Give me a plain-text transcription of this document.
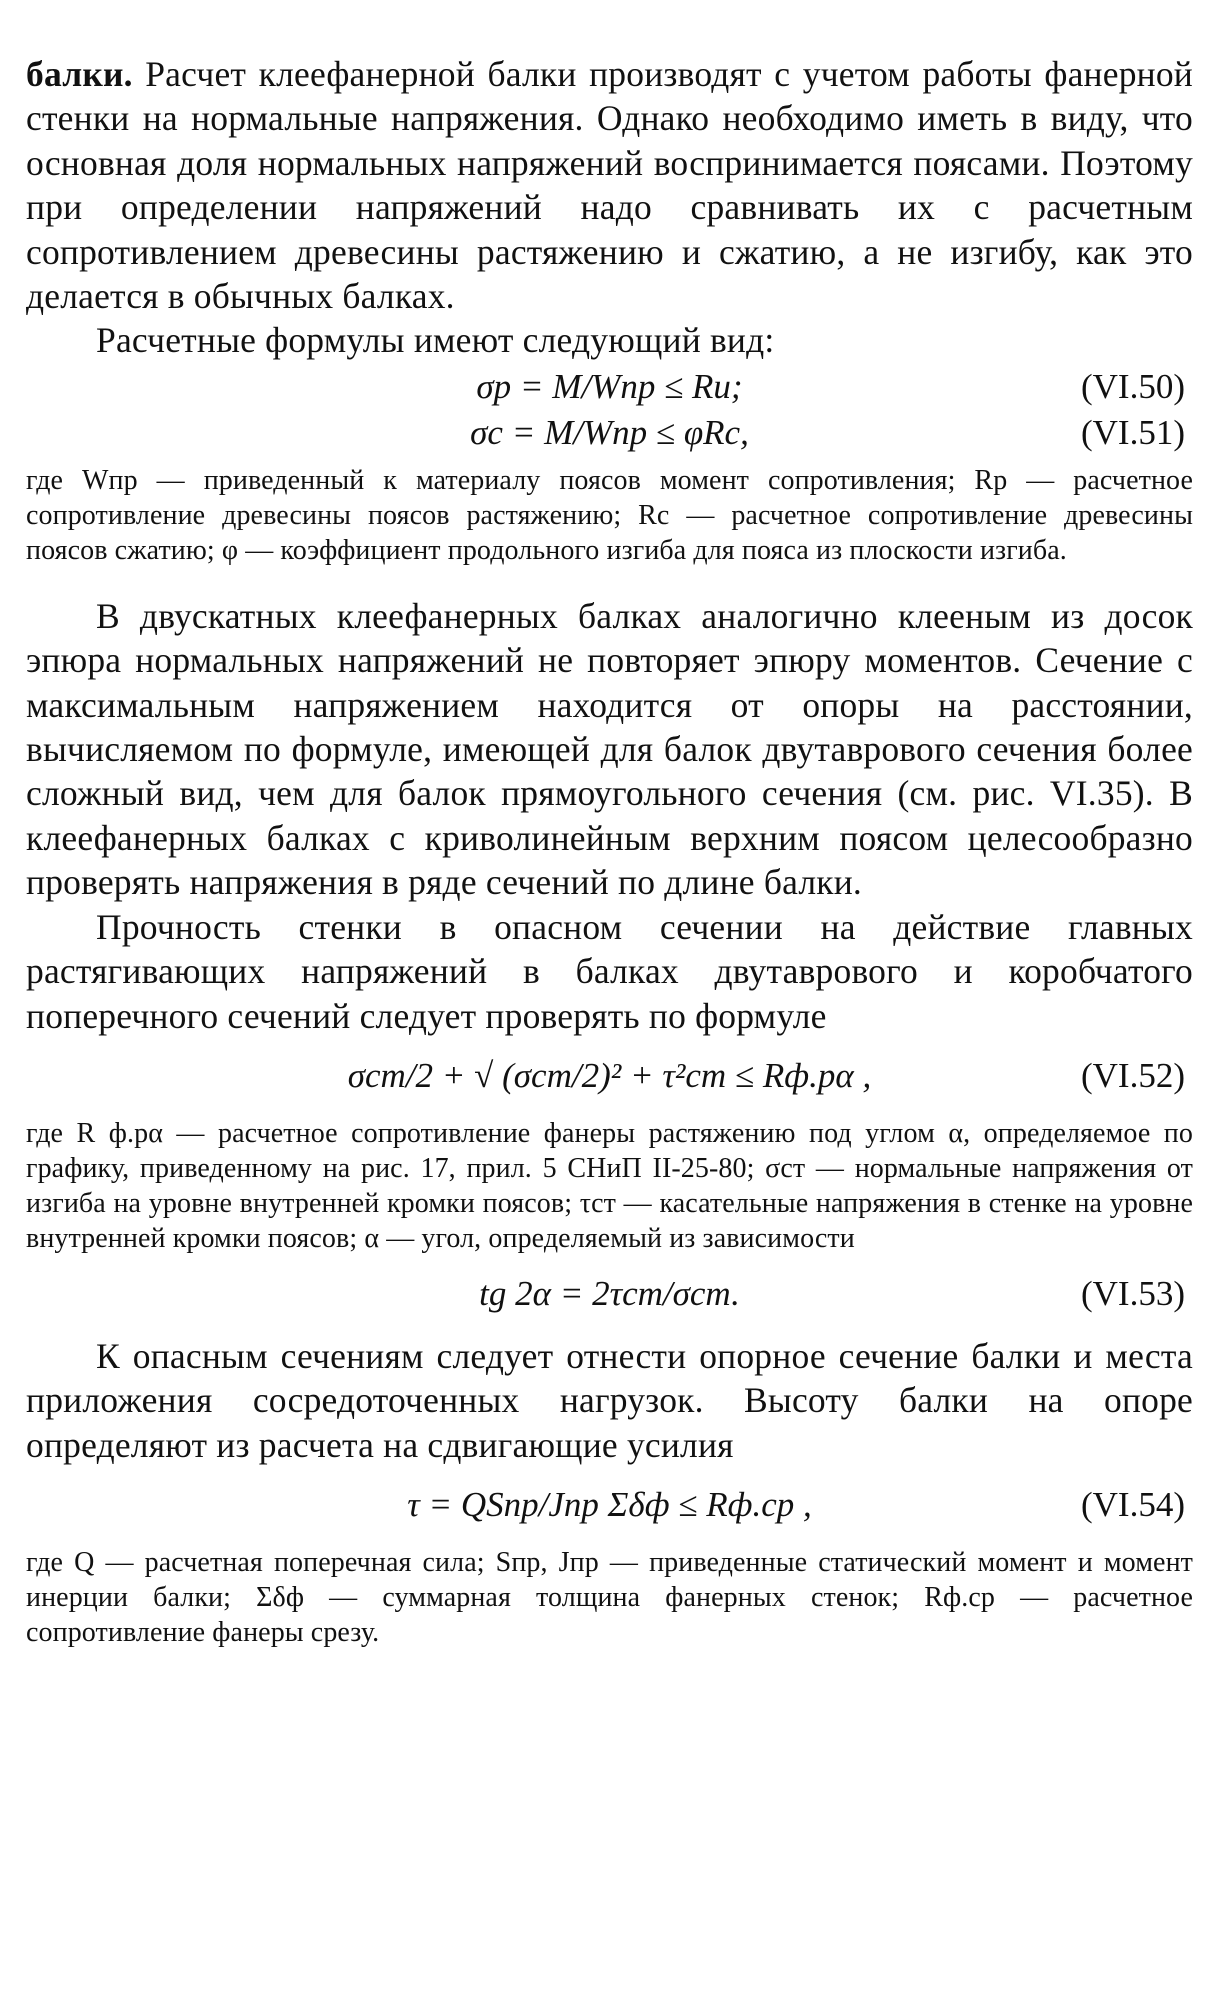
балки. Расчет клеефанерной балки производят с учетом работы фанерной стенки на нормальные напряжения. Однако необходимо иметь в виду, что основная доля нормальных напряжений воспринимается поясами. Поэтому при определении напряжений надо сравнивать их с расчетным сопротивлением древесины растяжению и сжатию, а не изгибу, как это делается в обычных балках.

Расчетные формулы имеют следующий вид:

σр = M/Wпр ≤ Rи;	(VI.50)
σс = M/Wпр ≤ φRс,	(VI.51)

где Wпр — приведенный к материалу поясов момент сопротивления; Rр — расчетное сопротивление древесины поясов растяжению; Rс — расчетное сопротивление древесины поясов сжатию; φ — коэффициент продольного изгиба для пояса из плоскости изгиба.

В двускатных клеефанерных балках аналогично клееным из досок эпюра нормальных напряжений не повторяет эпюру моментов. Сечение с максимальным напряжением находится от опоры на расстоянии, вычисляемом по формуле, имеющей для балок двутаврового сечения более сложный вид, чем для балок прямоугольного сечения (см. рис. VI.35). В клеефанерных балках с криволинейным верхним поясом целесообразно проверять напряжения в ряде сечений по длине балки.

Прочность стенки в опасном сечении на действие главных растягивающих напряжений в балках двутаврового и коробчатого поперечного сечений следует проверять по формуле

σст/2 + √ (σст/2)² + τ²ст ≤ Rф.рα ,	(VI.52)

где R ф.рα — расчетное сопротивление фанеры растяжению под углом α, определяемое по графику, приведенному на рис. 17, прил. 5 СНиП II-25-80; σст — нормальные напряжения от изгиба на уровне внутренней кромки поясов; τст — касательные напряжения в стенке на уровне внутренней кромки поясов; α — угол, определяемый из зависимости

tg 2α = 2τст/σст.	(VI.53)

К опасным сечениям следует отнести опорное сечение балки и места приложения сосредоточенных нагрузок. Высоту балки на опоре определяют из расчета на сдвигающие усилия

τ = QSпр/Jпр Σδф ≤ Rф.ср ,	(VI.54)

где Q — расчетная поперечная сила; Sпр, Jпр — приведенные статический момент и момент инерции балки; Σδф — суммарная толщина фанерных стенок; Rф.ср — расчетное сопротивление фанеры срезу.
